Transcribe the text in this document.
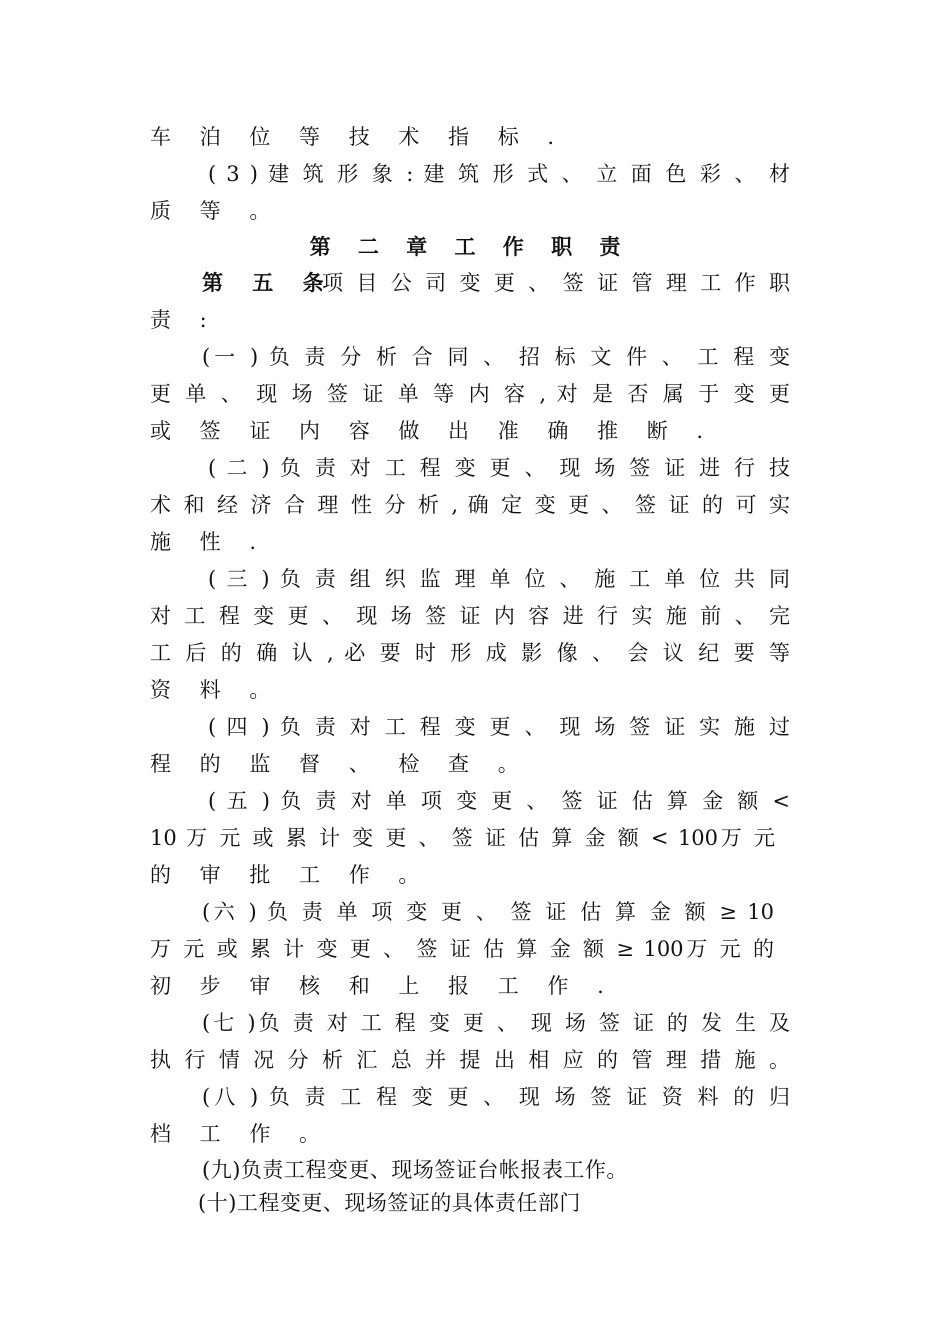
车 泊 位 等 技 术 指 标 .
( 3 ) 建 筑 形 象 : 建 筑 形 式 、 立 面 色 彩 、 材
质 等 。
第 二 章 工 作 职 责
第 五 条
项 目 公 司 变 更 、 签 证 管 理 工 作 职
责 :
(一 ) 负 责 分 析 合 同 、 招 标 文 件 、 工 程 变
更 单 、 现 场 签 证 单 等 内 容 , 对 是 否 属 于 变 更
或 签 证 内 容 做 出 准 确 推 断 .
( 二 ) 负 责 对 工 程 变 更 、 现 场 签 证 进 行 技
术 和 经 济 合 理 性 分 析 , 确 定 变 更 、 签 证 的 可 实
施 性 .
( 三 ) 负 责 组 织 监 理 单 位 、 施 工 单 位 共 同
对 工 程 变 更 、 现 场 签 证 内 容 进 行 实 施 前 、 完
工 后 的 确 认 , 必 要 时 形 成 影 像 、 会 议 纪 要 等
资 料 。
( 四 ) 负 责 对 工 程 变 更 、 现 场 签 证 实 施 过
程 的 监 督 、 检 查 。
( 五 ) 负 责 对 单 项 变 更 、 签 证 估 算 金 额 <
10 万 元 或 累 计 变 更 、 签 证 估 算 金 额 < 100万 元
的 审 批 工 作 。
(六 ) 负 责 单 项 变 更 、 签 证 估 算 金 额 ≥ 10
万 元 或 累 计 变 更 、 签 证 估 算 金 额 ≥ 100万 元 的
初 步 审 核 和 上 报 工 作 .
(七 )负 责 对 工 程 变 更 、 现 场 签 证 的 发 生 及
执 行 情 况 分 析 汇 总 并 提 出 相 应 的 管 理 措 施 。
(八 ) 负 责 工 程 变 更 、 现 场 签 证 资 料 的 归
档 工 作 。
(九)负责工程变更、现场签证台帐报表工作。
(十)工程变更、现场签证的具体责任部门
